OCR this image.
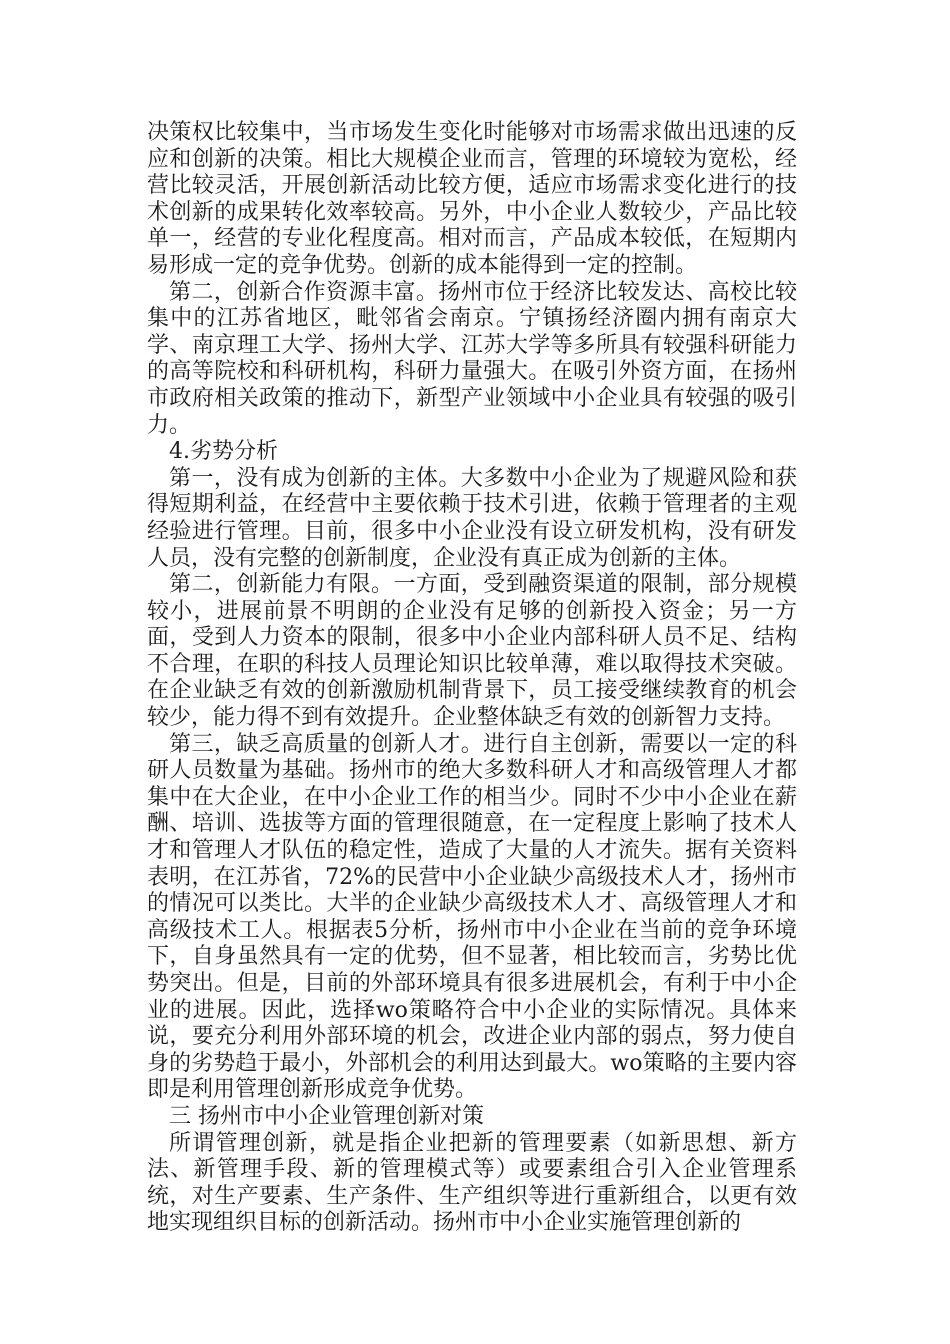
决策权比较集中，当市场发生变化时能够对市场需求做出迅速的反应和创新的决策。相比大规模企业而言，管理的环境较为宽松，经营比较灵活，开展创新活动比较方便，适应市场需求变化进行的技术创新的成果转化效率较高。另外，中小企业人数较少，产品比较单一，经营的专业化程度高。相对而言，产品成本较低，在短期内易形成一定的竞争优势。创新的成本能得到一定的控制。

第二，创新合作资源丰富。扬州市位于经济比较发达、高校比较集中的江苏省地区，毗邻省会南京。宁镇扬经济圈内拥有南京大学、南京理工大学、扬州大学、江苏大学等多所具有较强科研能力的高等院校和科研机构，科研力量强大。在吸引外资方面，在扬州市政府相关政策的推动下，新型产业领域中小企业具有较强的吸引力。

4.劣势分析

第一，没有成为创新的主体。大多数中小企业为了规避风险和获得短期利益，在经营中主要依赖于技术引进，依赖于管理者的主观经验进行管理。目前，很多中小企业没有设立研发机构，没有研发人员，没有完整的创新制度，企业没有真正成为创新的主体。

第二，创新能力有限。一方面，受到融资渠道的限制，部分规模较小，进展前景不明朗的企业没有足够的创新投入资金；另一方面，受到人力资本的限制，很多中小企业内部科研人员不足、结构不合理，在职的科技人员理论知识比较单薄，难以取得技术突破。在企业缺乏有效的创新激励机制背景下，员工接受继续教育的机会较少，能力得不到有效提升。企业整体缺乏有效的创新智力支持。

第三，缺乏高质量的创新人才。进行自主创新，需要以一定的科研人员数量为基础。扬州市的绝大多数科研人才和高级管理人才都集中在大企业，在中小企业工作的相当少。同时不少中小企业在薪酬、培训、选拔等方面的管理很随意，在一定程度上影响了技术人才和管理人才队伍的稳定性，造成了大量的人才流失。据有关资料表明，在江苏省，72%的民营中小企业缺少高级技术人才，扬州市的情况可以类比。大半的企业缺少高级技术人才、高级管理人才和高级技术工人。根据表5分析，扬州市中小企业在当前的竞争环境下，自身虽然具有一定的优势，但不显著，相比较而言，劣势比优势突出。但是，目前的外部环境具有很多进展机会，有利于中小企业的进展。因此，选择wo策略符合中小企业的实际情况。具体来说，要充分利用外部环境的机会，改进企业内部的弱点，努力使自身的劣势趋于最小，外部机会的利用达到最大。wo策略的主要内容即是利用管理创新形成竞争优势。

三 扬州市中小企业管理创新对策

所谓管理创新，就是指企业把新的管理要素（如新思想、新方法、新管理手段、新的管理模式等）或要素组合引入企业管理系统，对生产要素、生产条件、生产组织等进行重新组合，以更有效地实现组织目标的创新活动。扬州市中小企业实施管理创新的
